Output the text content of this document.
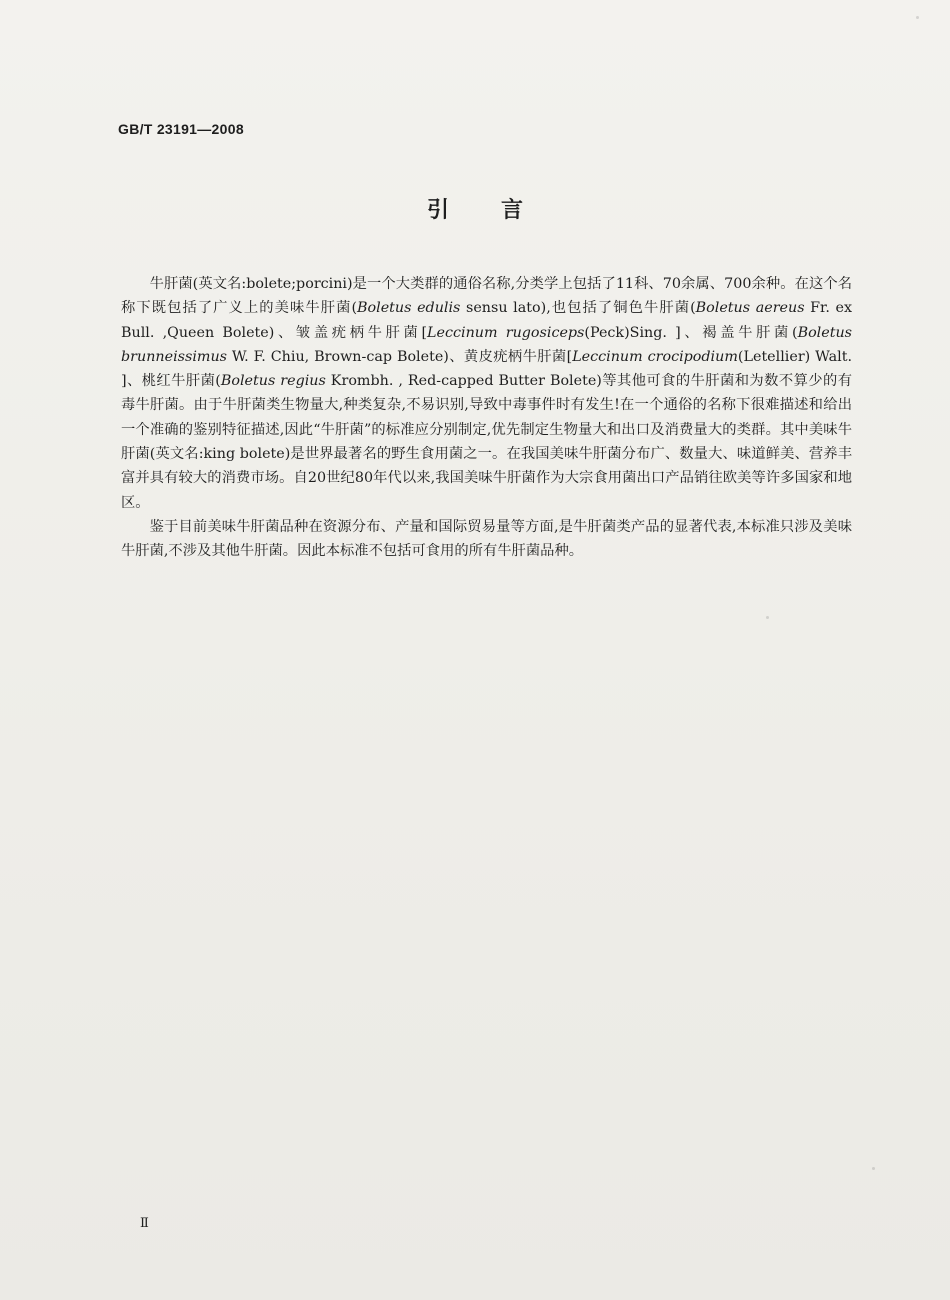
GB/T 23191—2008
引言

牛肝菌(英文名:bolete;porcini)是一个大类群的通俗名称,分类学上包括了11科、70余属、700余种。在这个名称下既包括了广义上的美味牛肝菌(Boletus edulis sensu lato),也包括了铜色牛肝菌(Boletus aereus Fr. ex Bull. ,Queen Bolete)、皱盖疣柄牛肝菌[Leccinum rugosiceps(Peck)Sing. ]、褐盖牛肝菌(Boletus brunneissimus W. F. Chiu, Brown-cap Bolete)、黄皮疣柄牛肝菌[Leccinum crocipodium(Letellier) Walt. ]、桃红牛肝菌(Boletus regius Krombh. , Red-capped Butter Bolete)等其他可食的牛肝菌和为数不算少的有毒牛肝菌。由于牛肝菌类生物量大,种类复杂,不易识别,导致中毒事件时有发生!在一个通俗的名称下很难描述和给出一个准确的鉴别特征描述,因此“牛肝菌”的标准应分别制定,优先制定生物量大和出口及消费量大的类群。其中美味牛肝菌(英文名:king bolete)是世界最著名的野生食用菌之一。在我国美味牛肝菌分布广、数量大、味道鲜美、营养丰富并具有较大的消费市场。自20世纪80年代以来,我国美味牛肝菌作为大宗食用菌出口产品销往欧美等许多国家和地区。

鉴于目前美味牛肝菌品种在资源分布、产量和国际贸易量等方面,是牛肝菌类产品的显著代表,本标准只涉及美味牛肝菌,不涉及其他牛肝菌。因此本标准不包括可食用的所有牛肝菌品种。

Ⅱ
